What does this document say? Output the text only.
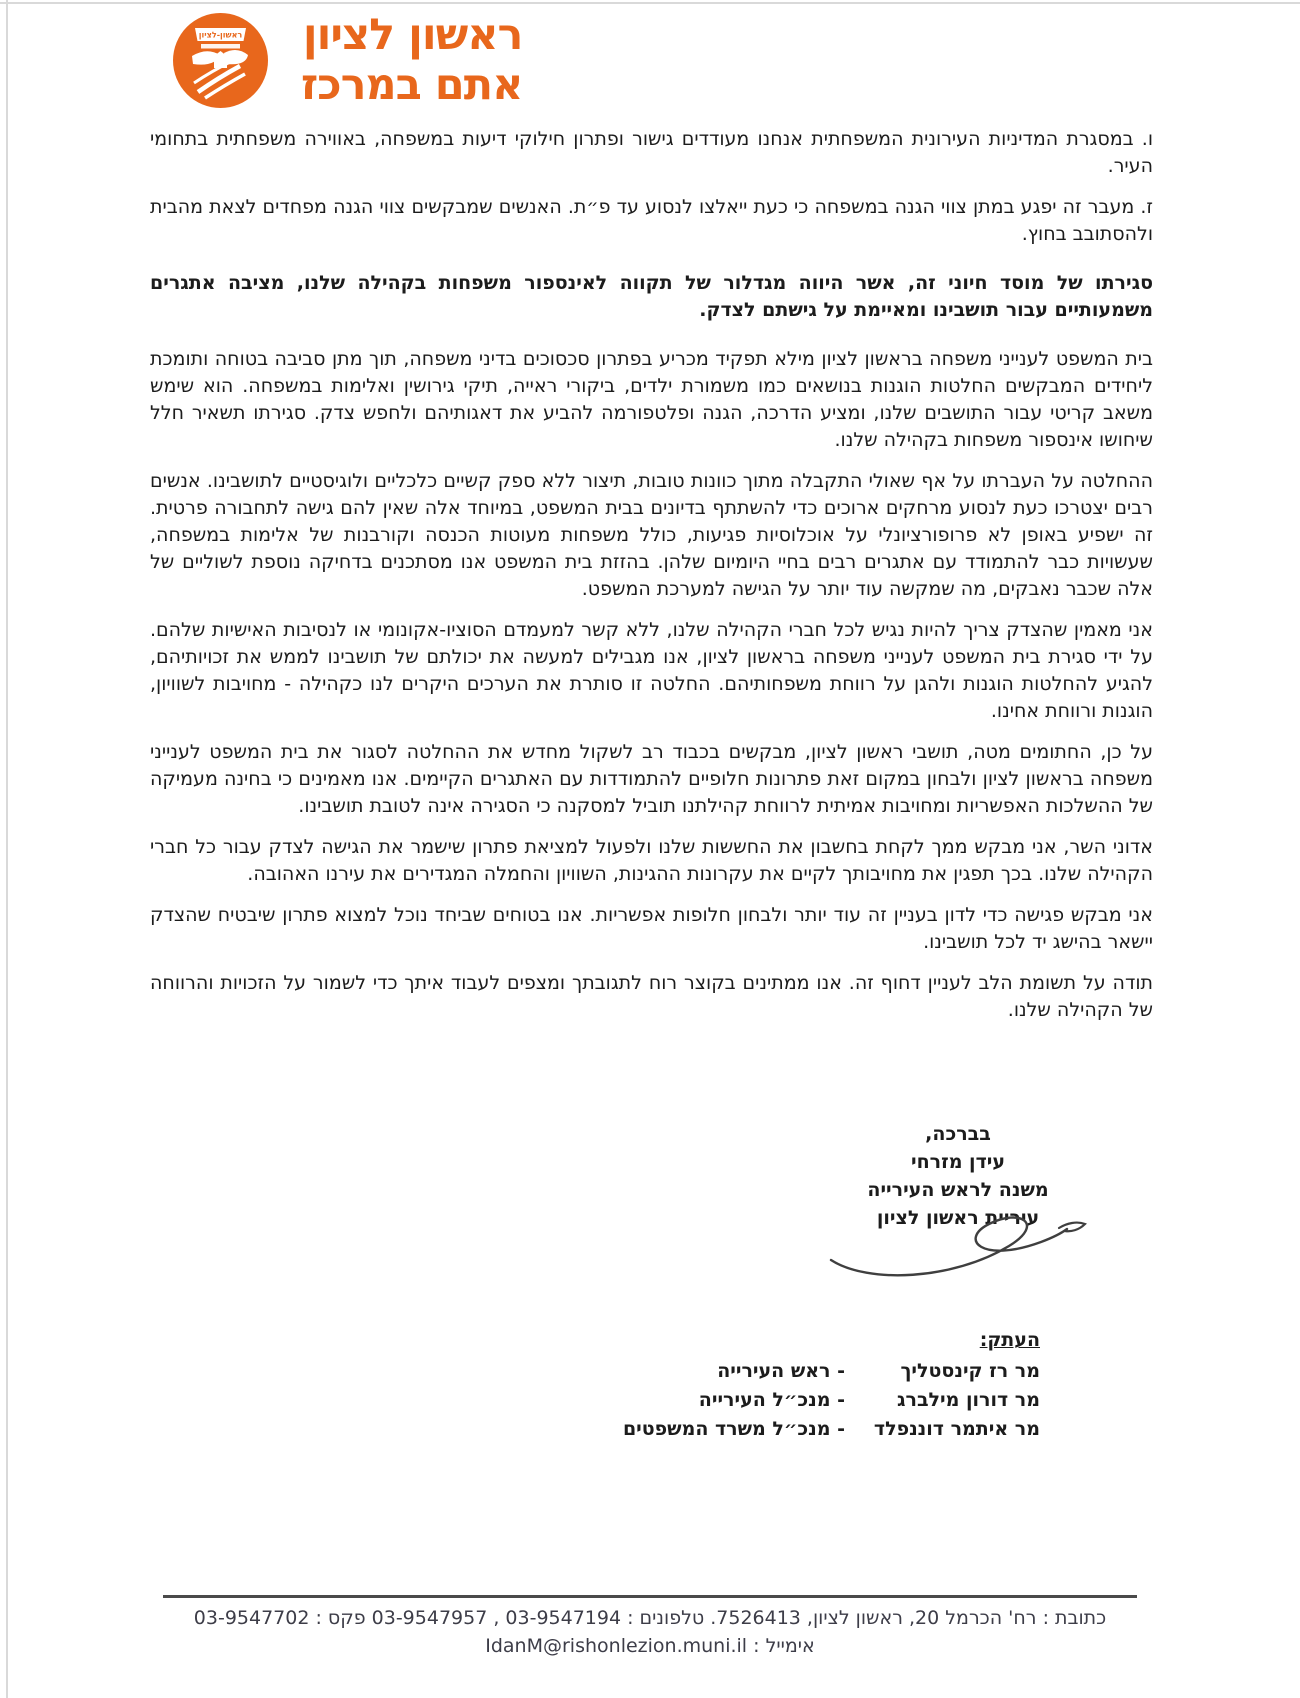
ראשון-לציון ראשון לציון
אתם במרכז

ו. במסגרת המדיניות העירונית המשפחתית אנחנו מעודדים גישור ופתרון חילוקי דיעות במשפחה, באווירה משפחתית בתחומי העיר.

ז. מעבר זה יפגע במתן צווי הגנה במשפחה כי כעת ייאלצו לנסוע עד פ״ת. האנשים שמבקשים צווי הגנה מפחדים לצאת מהבית ולהסתובב בחוץ.

סגירתו של מוסד חיוני זה, אשר היווה מגדלור של תקווה לאינספור משפחות בקהילה שלנו, מציבה אתגרים משמעותיים עבור תושבינו ומאיימת על גישתם לצדק.

בית המשפט לענייני משפחה בראשון לציון מילא תפקיד מכריע בפתרון סכסוכים בדיני משפחה, תוך מתן סביבה בטוחה ותומכת ליחידים המבקשים החלטות הוגנות בנושאים כמו משמורת ילדים, ביקורי ראייה, תיקי גירושין ואלימות במשפחה. הוא שימש משאב קריטי עבור התושבים שלנו, ומציע הדרכה, הגנה ופלטפורמה להביע את דאגותיהם ולחפש צדק. סגירתו תשאיר חלל שיחושו אינספור משפחות בקהילה שלנו.

ההחלטה על העברתו על אף שאולי התקבלה מתוך כוונות טובות, תיצור ללא ספק קשיים כלכליים ולוגיסטיים לתושבינו. אנשים רבים יצטרכו כעת לנסוע מרחקים ארוכים כדי להשתתף בדיונים בבית המשפט, במיוחד אלה שאין להם גישה לתחבורה פרטית. זה ישפיע באופן לא פרופורציונלי על אוכלוסיות פגיעות, כולל משפחות מעוטות הכנסה וקורבנות של אלימות במשפחה, שעשויות כבר להתמודד עם אתגרים רבים בחיי היומיום שלהן. בהזזת בית המשפט אנו מסתכנים בדחיקה נוספת לשוליים של אלה שכבר נאבקים, מה שמקשה עוד יותר על הגישה למערכת המשפט.

אני מאמין שהצדק צריך להיות נגיש לכל חברי הקהילה שלנו, ללא קשר למעמדם הסוציו-אקונומי או לנסיבות האישיות שלהם. על ידי סגירת בית המשפט לענייני משפחה בראשון לציון, אנו מגבילים למעשה את יכולתם של תושבינו לממש את זכויותיהם, להגיע להחלטות הוגנות ולהגן על רווחת משפחותיהם. החלטה זו סותרת את הערכים היקרים לנו כקהילה - מחויבות לשוויון, הוגנות ורווחת אחינו.

על כן, החתומים מטה, תושבי ראשון לציון, מבקשים בכבוד רב לשקול מחדש את ההחלטה לסגור את בית המשפט לענייני משפחה בראשון לציון ולבחון במקום זאת פתרונות חלופיים להתמודדות עם האתגרים הקיימים. אנו מאמינים כי בחינה מעמיקה של ההשלכות האפשריות ומחויבות אמיתית לרווחת קהילתנו תוביל למסקנה כי הסגירה אינה לטובת תושבינו.

אדוני השר, אני מבקש ממך לקחת בחשבון את החששות שלנו ולפעול למציאת פתרון שישמר את הגישה לצדק עבור כל חברי הקהילה שלנו. בכך תפגין את מחויבותך לקיים את עקרונות ההגינות, השוויון והחמלה המגדירים את עירנו האהובה.

אני מבקש פגישה כדי לדון בעניין זה עוד יותר ולבחון חלופות אפשריות. אנו בטוחים שביחד נוכל למצוא פתרון שיבטיח שהצדק יישאר בהישג יד לכל תושבינו.

תודה על תשומת הלב לעניין דחוף זה. אנו ממתינים בקוצר רוח לתגובתך ומצפים לעבוד איתך כדי לשמור על הזכויות והרווחה של הקהילה שלנו.

בברכה,
עידן מזרחי
משנה לראש העירייה
עיריית ראשון לציון
העתק:
מר רז קינסטליך
- ראש העירייה
מר דורון מילברג
- מנכ״ל העירייה
מר איתמר דוננפלד
- מנכ״ל משרד המשפטים
כתובת : רח' הכרמל 20, ראשון לציון, 7526413. טלפונים : 03-9547194 , 03-9547957 פקס : 03-9547702
אימייל : IdanM@rishonlezion.muni.il
